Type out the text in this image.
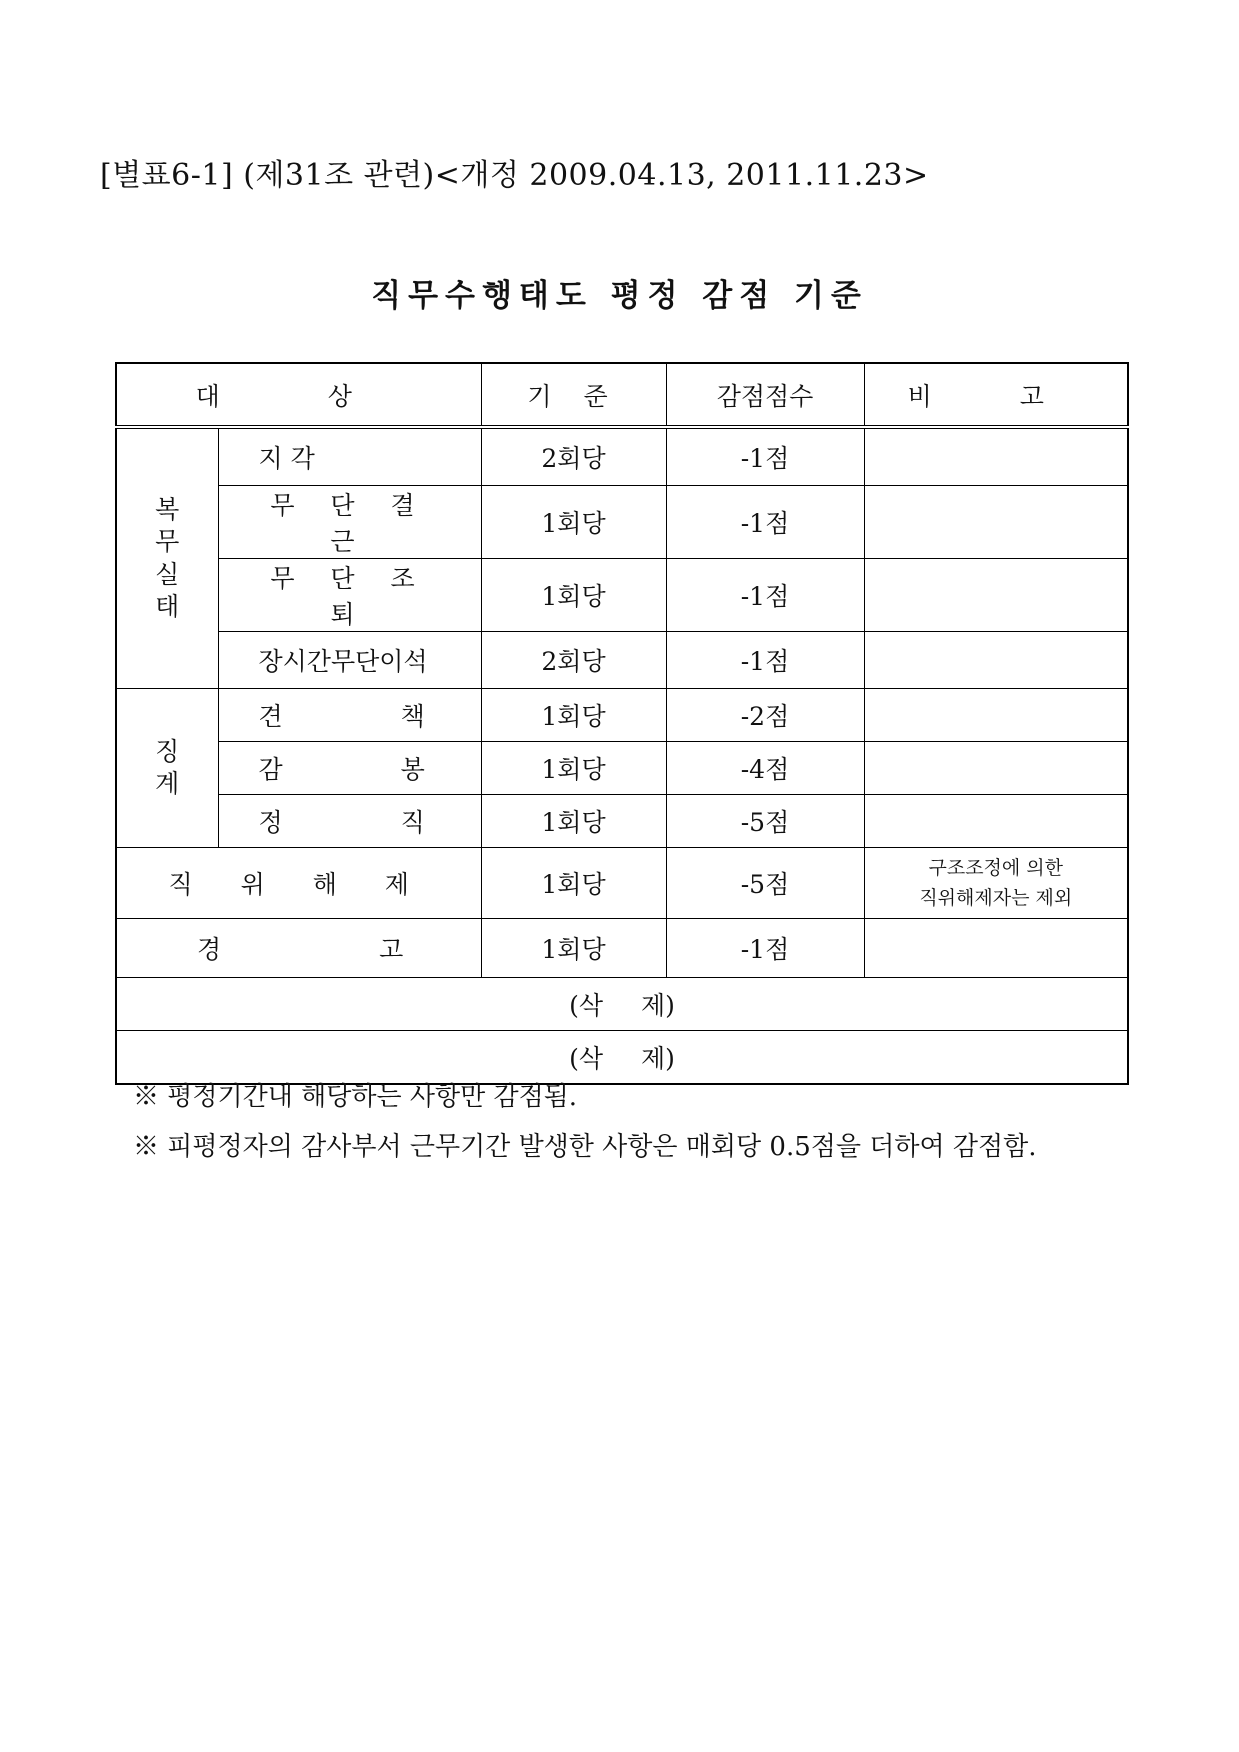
[별표6-1] (제31조 관련)<개정 2009.04.13, 2011.11.23>
직무수행태도 평정 감점 기준
대 상		기 준	감점점수	비 고
복무실태	지 각	2회당	-1점	

	무 단 결 근	1회당	-1점	

	무 단 조 퇴	1회당	-1점	

	장시간무단이석	2회당	-1점	
징계	견 책	1회당	-2점	

	감 봉	1회당	-4점	

	정 직	1회당	-5점	
직 위 해 제		1회당	-5점	구조조정에 의한
직위해제자는 제외

경 고		1회당	-1점	
(삭 제)				
(삭 제)				
※ 평정기간내 해당하는 사항만 감점됨.
※ 피평정자의 감사부서 근무기간 발생한 사항은 매회당 0.5점을 더하여 감점함.
